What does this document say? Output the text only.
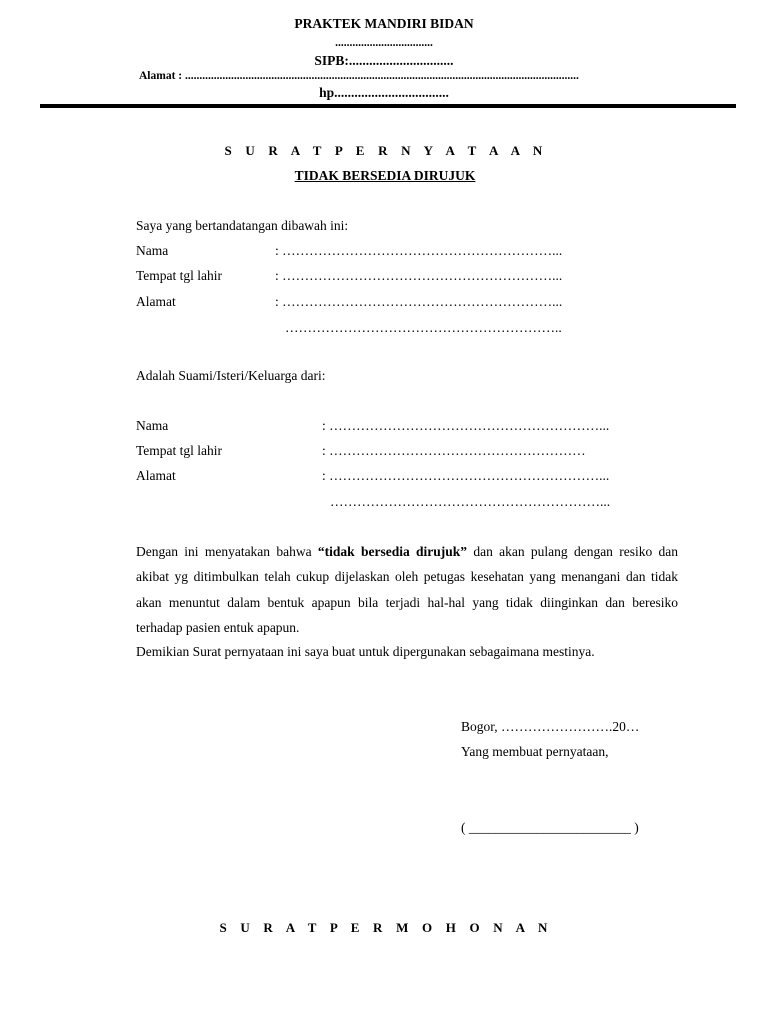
PRAKTEK MANDIRI BIDAN
..................................
SIPB:...............................
Alamat : .........................................................................................................................................
hp..................................
S U R A T P E R N Y A T A A N
TIDAK BERSEDIA DIRUJUK
Saya yang bertandatangan dibawah ini:
Nama	: ……………………………………………………...
Tempat tgl lahir	: ……………………………………………………...
Alamat	: ……………………………………………………...
……………………………………………………..
Adalah Suami/Isteri/Keluarga dari:
Nama	: ……………………………………………………...
Tempat tgl lahir	: …………………………………………………
Alamat	: ……………………………………………………...
……………………………………………………...
Dengan ini menyatakan bahwa “tidak bersedia dirujuk” dan akan pulang dengan resiko dan akibat yg ditimbulkan telah cukup dijelaskan oleh petugas kesehatan yang menangani dan tidak akan menuntut dalam bentuk apapun bila terjadi hal-hal yang tidak diinginkan dan beresiko terhadap pasien entuk apapun.
Demikian Surat pernyataan ini saya buat untuk dipergunakan sebagaimana mestinya.
Bogor, …………………….20…
Yang membuat pernyataan,
( ________________________ )
S U R A T P E R M O H O N A N
